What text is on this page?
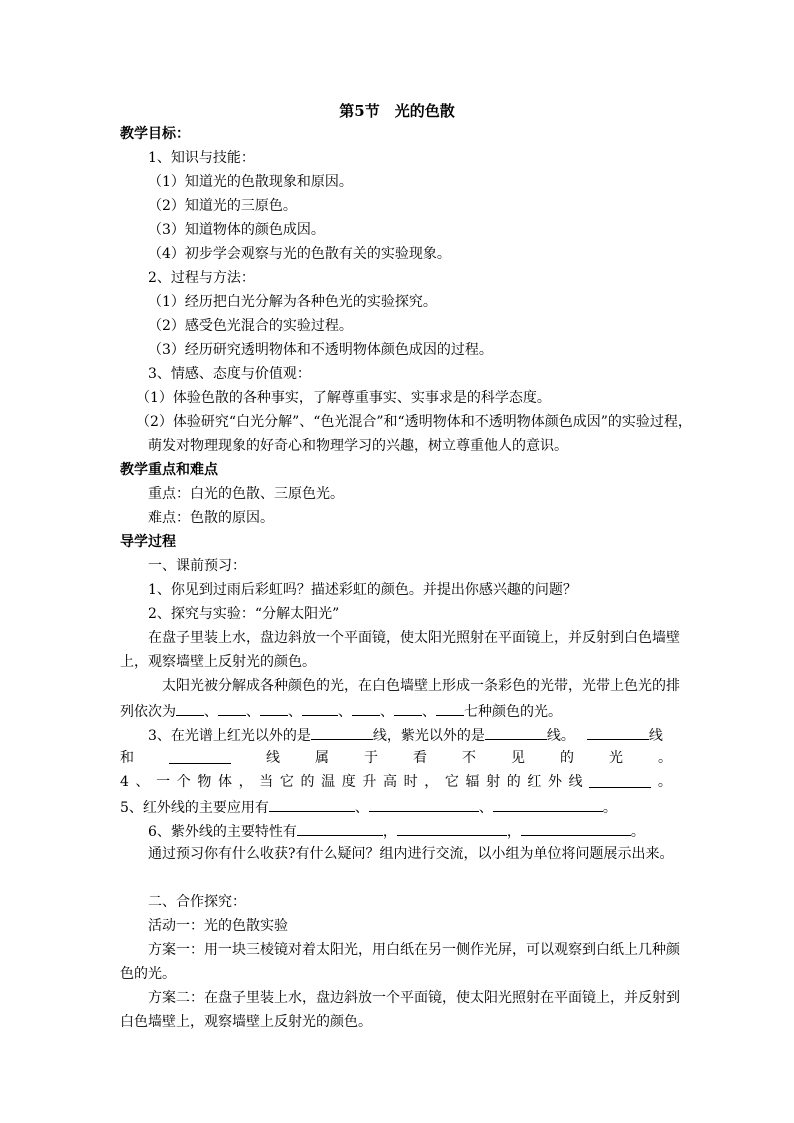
第5节　光的色散
教学目标：
1、知识与技能：
（1）知道光的色散现象和原因。
（2）知道光的三原色。
（3）知道物体的颜色成因。
（4）初步学会观察与光的色散有关的实验现象。
2、过程与方法：
（1）经历把白光分解为各种色光的实验探究。
（2）感受色光混合的实验过程。
（3）经历研究透明物体和不透明物体颜色成因的过程。
3、情感、态度与价值观：
（1）体验色散的各种事实，了解尊重事实、实事求是的科学态度。
（2）体验研究“白光分解”、“色光混合”和“透明物体和不透明物体颜色成因”的实验过程，
萌发对物理现象的好奇心和物理学习的兴趣，树立尊重他人的意识。
教学重点和难点
重点：白光的色散、三原色光。
难点：色散的原因。
导学过程
一、课前预习：
1、你见到过雨后彩虹吗？描述彩虹的颜色。并提出你感兴趣的问题？
2、探究与实验：“分解太阳光”
在盘子里装上水，盘边斜放一个平面镜，使太阳光照射在平面镜上，并反射到白色墙壁
上，观察墙壁上反射光的颜色。
太阳光被分解成各种颜色的光，在白色墙壁上形成一条彩色的光带，光带上色光的排
列依次为 、 、 、	、 、 、 七种颜色的光。
3、在光谱上红光以外的是	线，紫光以外的是	线。	线
和	线	属	于	看	不	见	的	光	。
4 、 一 个 物 体 ， 当 它 的 温 度 升 高 时 ， 它 辐 射 的 红 外 线	。
5、红外线的主要应用有	、	、	。
6、紫外线的主要特性有	，	，	。
通过预习你有什么收获?有什么疑问？组内进行交流，以小组为单位将问题展示出来。
二、合作探究：
活动一：光的色散实验
方案一：用一块三棱镜对着太阳光，用白纸在另一侧作光屏，可以观察到白纸上几种颜
色的光。
方案二：在盘子里装上水，盘边斜放一个平面镜，使太阳光照射在平面镜上，并反射到
白色墙壁上，观察墙壁上反射光的颜色。
